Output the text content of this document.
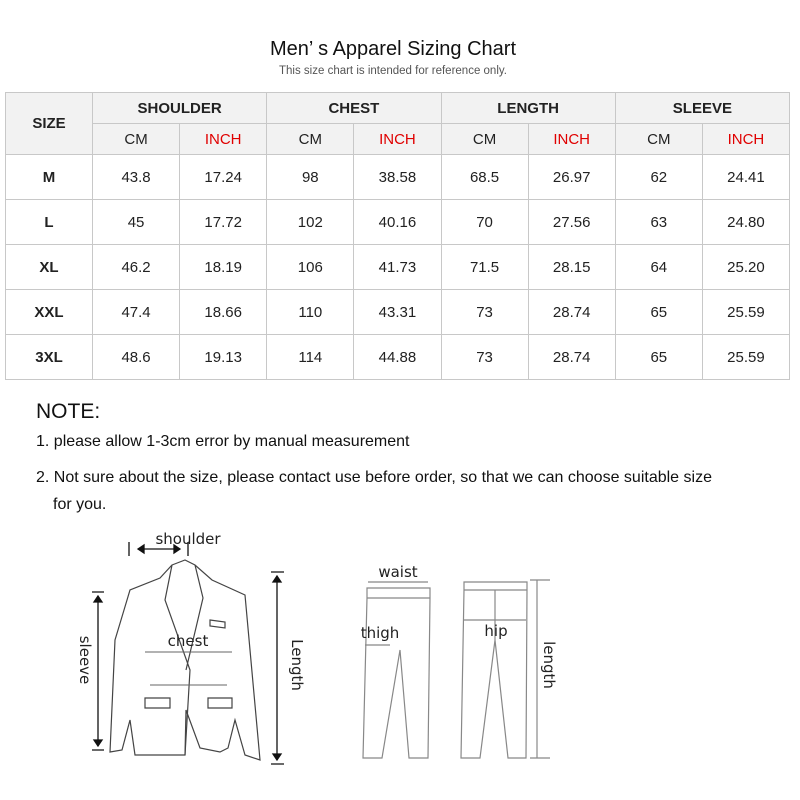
Men’ s Apparel Sizing Chart
This size chart is intended for reference only.
SIZE	SHOULDER		CHEST		LENGTH		SLEEVE	
	CM	INCH	CM	INCH	CM	INCH	CM	INCH
M	43.8	17.24	98	38.58	68.5	26.97	62	24.41
L	45	17.72	102	40.16	70	27.56	63	24.80
XL	46.2	18.19	106	41.73	71.5	28.15	64	25.20
XXL	47.4	18.66	110	43.31	73	28.74	65	25.59
3XL	48.6	19.13	114	44.88	73	28.74	65	25.59
NOTE:
1. please allow 1-3cm error by manual measurement
2. Not sure about the size, please contact use before order, so that we can choose suitable size
for you.
shoulder
chest
sleeve	Length
waist
thigh	hip
length
